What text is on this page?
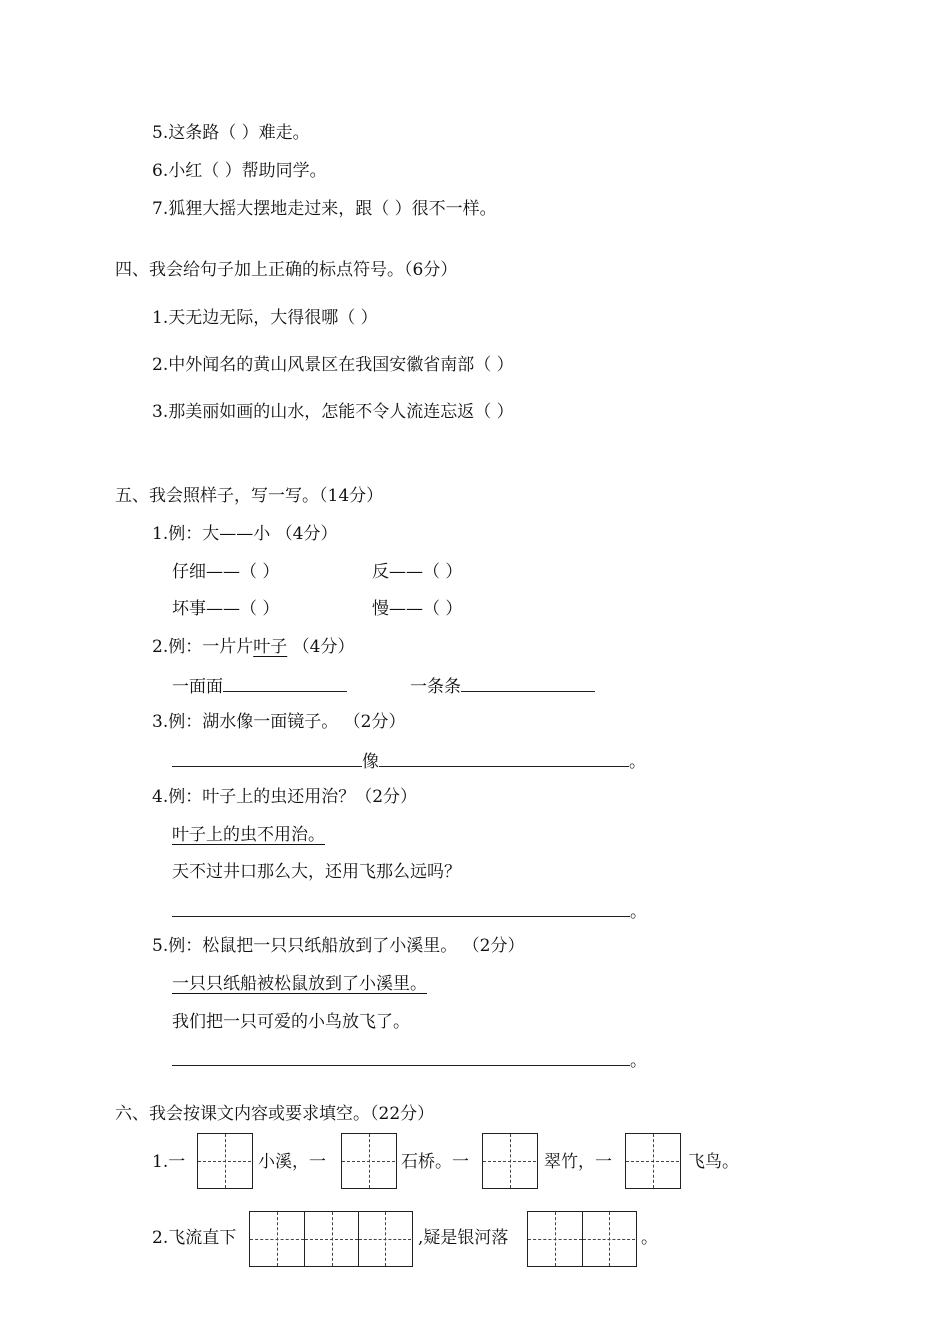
5.这条路（ ）难走。
6.小红（ ）帮助同学。
7.狐狸大摇大摆地走过来，跟（ ）很不一样。
四、我会给句子加上正确的标点符号。（6分）
1.天无边无际，大得很哪（ ）
2.中外闻名的黄山风景区在我国安徽省南部（ ）
3.那美丽如画的山水，怎能不令人流连忘返（ ）
五、我会照样子，写一写。（14分）
1.例：大——小 （4分）
仔细——（ ）	反——（ ）
坏事——（ ）	慢——（ ）
2.例：一片片叶子 （4分）
一面面	一条条
3.例：湖水像一面镜子。 （2分）
像	。
4.例：叶子上的虫还用治？（2分）
叶子上的虫不用治。
天不过井口那么大，还用飞那么远吗？
。
5.例：松鼠把一只只纸船放到了小溪里。 （2分）
一只只纸船被松鼠放到了小溪里。
我们把一只可爱的小鸟放飞了。
。
六、我会按课文内容或要求填空。（22分）
1.一	小溪，一	石桥。一	翠竹，一	飞鸟。
2.飞流直下	,疑是银河落	。
